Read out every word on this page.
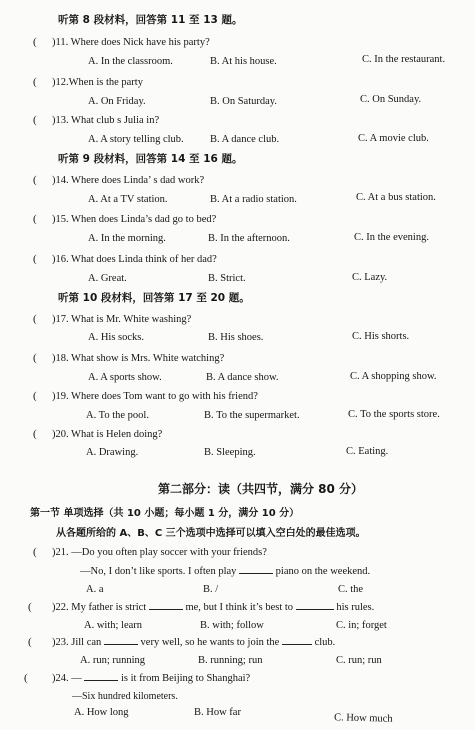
听第 8 段材料，回答第 11 至 13 题。
( )11. Where does Nick have his party?
A. In the classroom.	B. At his house.	C. In the restaurant.
( )12.When is the party
A. On Friday.	B. On Saturday.	C. On Sunday.
( )13. What club s Julia in?
A. A story telling club.	B. A dance club.	C. A movie club.
听第 9 段材料，回答第 14 至 16 题。
( )14. Where does Linda’ s dad work?
A. At a TV station.	B. At a radio station.	C. At a bus station.
( )15. When does Linda’s dad go to bed?
A. In the morning.	B. In the afternoon.	C. In the evening.
( )16. What does Linda think of her dad?
A. Great.	B. Strict.	C. Lazy.
听第 10 段材料，回答第 17 至 20 题。
( )17. What is Mr. White washing?
A. His socks.	B. His shoes.	C. His shorts.
( )18. What show is Mrs. White watching?
A. A sports show.	B. A dance show.	C. A shopping show.
( )19. Where does Tom want to go with his friend?
A. To the pool.	B. To the supermarket.	C. To the sports store.
( )20. What is Helen doing?
A. Drawing.	B. Sleeping.	C. Eating.
第二部分：读（共四节，满分 80 分）
第一节 单项选择（共 10 小题；每小题 1 分，满分 10 分）
从各题所给的 A、B、C 三个选项中选择可以填入空白处的最佳选项。
( )21. —Do you often play soccer with your friends?
—No, I don’t like sports. I often play	piano on the weekend.
A. a	B. /	C. the
( )22. My father is strict	me, but I think it’s best to	his rules.
A. with; learn	B. with; follow	C. in; forget
( )23. Jill can	very well, so he wants to join the	club.
A. run; running	B. running; run	C. run; run
( )24. —	is it from Beijing to Shanghai?
—Six hundred kilometers.
A. How long	B. How far	C. How much
